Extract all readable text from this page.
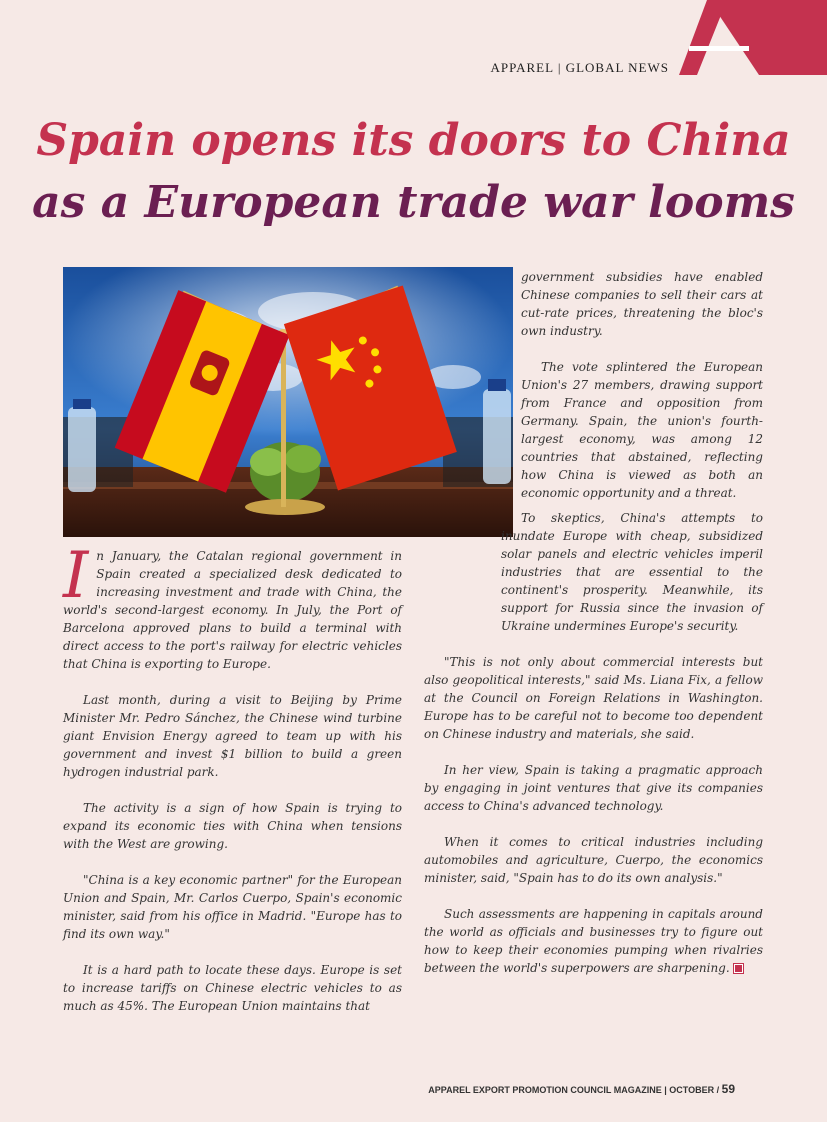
APPAREL | GLOBAL NEWS
Spain opens its doors to China
as a European trade war looms

government subsidies have enabled Chinese companies to sell their cars at cut-rate prices, threatening the bloc's own industry.

The vote splintered the European Union's 27 members, drawing support from France and opposition from Germany. Spain, the union's fourth-largest economy, was among 12 countries that abstained, reflecting how China is viewed as both an economic opportunity and a threat.

To skeptics, China's attempts to inundate Europe with cheap, subsidized solar panels and electric vehicles imperil industries that are essential to the continent's prosperity. Meanwhile, its support for Russia since the invasion of Ukraine undermines Europe's security.

"This is not only about commercial interests but also geopolitical interests," said Ms. Liana Fix, a fellow at the Council on Foreign Relations in Washington. Europe has to be careful not to become too dependent on Chinese industry and materials, she said.

In her view, Spain is taking a pragmatic approach by engaging in joint ventures that give its companies access to China's advanced technology.

When it comes to critical industries including automobiles and agriculture, Cuerpo, the economics minister, said, "Spain has to do its own analysis."

Such assessments are happening in capitals around the world as officials and businesses try to figure out how to keep their economies pumping when rivalries between the world's superpowers are sharpening.

In January, the Catalan regional government in Spain created a specialized desk dedicated to increasing investment and trade with China, the world's second-largest economy. In July, the Port of Barcelona approved plans to build a terminal with direct access to the port's railway for electric vehicles that China is exporting to Europe.

Last month, during a visit to Beijing by Prime Minister Mr. Pedro Sánchez, the Chinese wind turbine giant Envision Energy agreed to team up with his government and invest $1 billion to build a green hydrogen industrial park.

The activity is a sign of how Spain is trying to expand its economic ties with China when tensions with the West are growing.

"China is a key economic partner" for the European Union and Spain, Mr. Carlos Cuerpo, Spain's economic minister, said from his office in Madrid. "Europe has to find its own way."

It is a hard path to locate these days. Europe is set to increase tariffs on Chinese electric vehicles to as much as 45%. The European Union maintains that

APPAREL EXPORT PROMOTION COUNCIL MAGAZINE | OCTOBER / 59
